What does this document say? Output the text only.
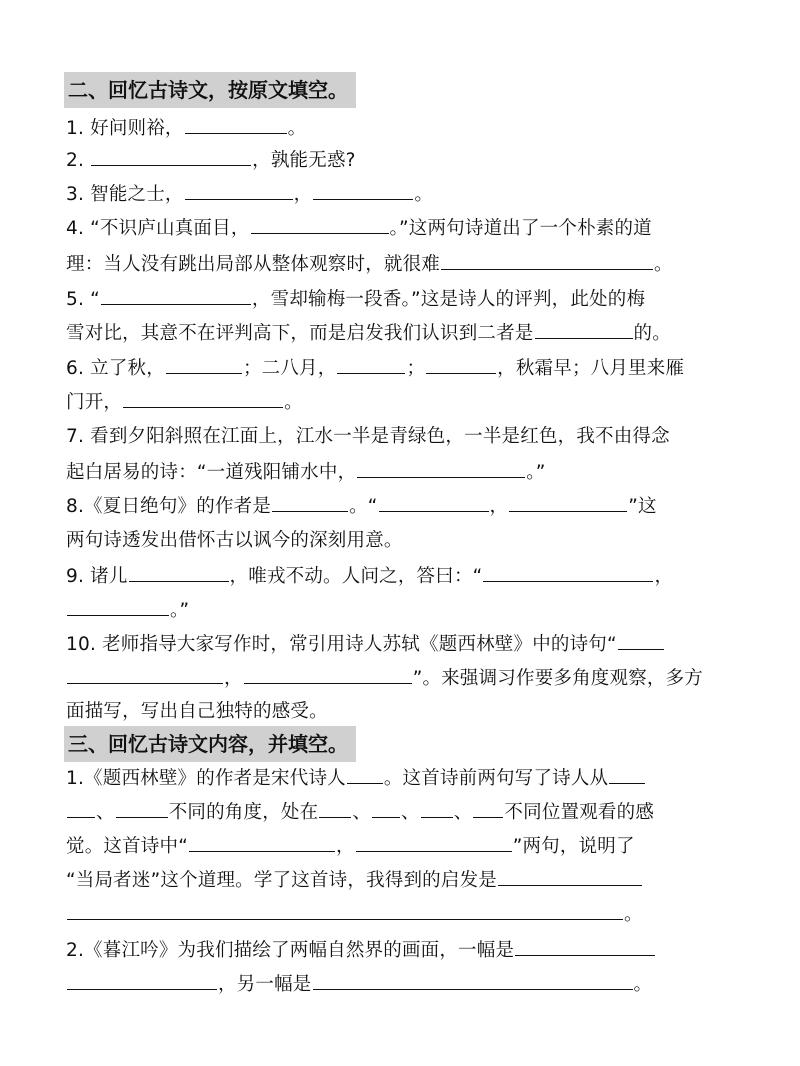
二、回忆古诗文，按原文填空。
1. 好问则裕，	。
2.	，孰能无惑?
3. 智能之士，	，	。
4. “不识庐山真面目，	。”这两句诗道出了一个朴素的道
理：当人没有跳出局部从整体观察时，就很难	。
5. “	，雪却输梅一段香。”这是诗人的评判，此处的梅
雪对比，其意不在评判高下，而是启发我们认识到二者是	的。
6. 立了秋，	；二八月，	；	，秋霜早；八月里来雁
门开，	。
7. 看到夕阳斜照在江面上，江水一半是青绿色，一半是红色，我不由得念
起白居易的诗：“一道残阳铺水中，	。”
8.《夏日绝句》的作者是	。“	，	”这
两句诗透发出借怀古以讽今的深刻用意。
9. 诸儿	，唯戎不动。人问之，答曰：“	，
。”
10. 老师指导大家写作时，常引用诗人苏轼《题西林壁》中的诗句“
，	”。来强调习作要多角度观察，多方
面描写，写出自己独特的感受。
三、回忆古诗文内容，并填空。
1.《题西林壁》的作者是宋代诗人 。这首诗前两句写了诗人从
、	不同的角度，处在 、 、 、 不同位置观看的感
觉。这首诗中“	，	”两句，说明了
“当局者迷”这个道理。学了这首诗，我得到的启发是
。
2.《暮江吟》为我们描绘了两幅自然界的画面，一幅是
，另一幅是	。
